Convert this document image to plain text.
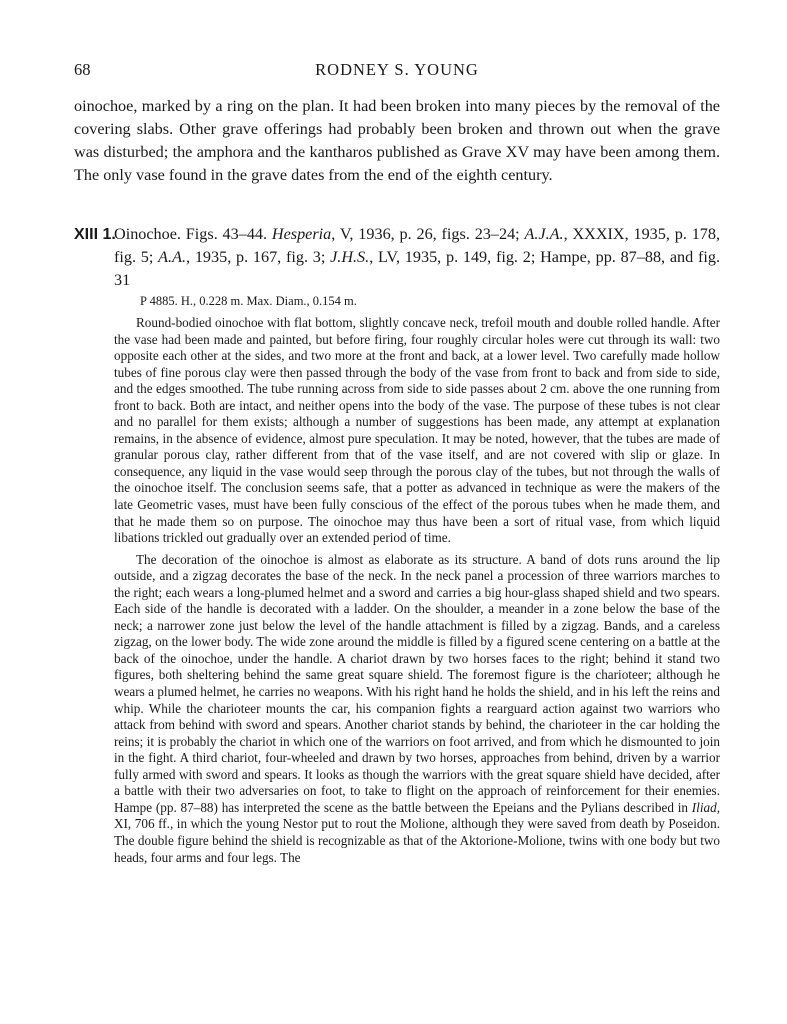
68	RODNEY S. YOUNG

oinochoe, marked by a ring on the plan. It had been broken into many pieces by the removal of the covering slabs. Other grave offerings had probably been broken and thrown out when the grave was disturbed; the amphora and the kantharos published as Grave XV may have been among them. The only vase found in the grave dates from the end of the eighth century.

XIII 1.

Oinochoe. Figs. 43–44. Hesperia, V, 1936, p. 26, figs. 23–24; A.J.A., XXXIX, 1935, p. 178, fig. 5; A.A., 1935, p. 167, fig. 3; J.H.S., LV, 1935, p. 149, fig. 2; Hampe, pp. 87–88, and fig. 31

P 4885. H., 0.228 m. Max. Diam., 0.154 m.

Round-bodied oinochoe with flat bottom, slightly concave neck, trefoil mouth and double rolled handle. After the vase had been made and painted, but before firing, four roughly circular holes were cut through its wall: two opposite each other at the sides, and two more at the front and back, at a lower level. Two carefully made hollow tubes of fine porous clay were then passed through the body of the vase from front to back and from side to side, and the edges smoothed. The tube running across from side to side passes about 2 cm. above the one running from front to back. Both are intact, and neither opens into the body of the vase. The purpose of these tubes is not clear and no parallel for them exists; although a number of suggestions has been made, any attempt at explanation remains, in the absence of evidence, almost pure speculation. It may be noted, however, that the tubes are made of granular porous clay, rather different from that of the vase itself, and are not covered with slip or glaze. In consequence, any liquid in the vase would seep through the porous clay of the tubes, but not through the walls of the oinochoe itself. The conclusion seems safe, that a potter as advanced in technique as were the makers of the late Geometric vases, must have been fully conscious of the effect of the porous tubes when he made them, and that he made them so on purpose. The oinochoe may thus have been a sort of ritual vase, from which liquid libations trickled out gradually over an extended period of time.

The decoration of the oinochoe is almost as elaborate as its structure. A band of dots runs around the lip outside, and a zigzag decorates the base of the neck. In the neck panel a procession of three warriors marches to the right; each wears a long-plumed helmet and a sword and carries a big hour-glass shaped shield and two spears. Each side of the handle is decorated with a ladder. On the shoulder, a meander in a zone below the base of the neck; a narrower zone just below the level of the handle attachment is filled by a zigzag. Bands, and a careless zigzag, on the lower body. The wide zone around the middle is filled by a figured scene centering on a battle at the back of the oinochoe, under the handle. A chariot drawn by two horses faces to the right; behind it stand two figures, both sheltering behind the same great square shield. The foremost figure is the charioteer; although he wears a plumed helmet, he carries no weapons. With his right hand he holds the shield, and in his left the reins and whip. While the charioteer mounts the car, his companion fights a rearguard action against two warriors who attack from behind with sword and spears. Another chariot stands by behind, the charioteer in the car holding the reins; it is probably the chariot in which one of the warriors on foot arrived, and from which he dismounted to join in the fight. A third chariot, four-wheeled and drawn by two horses, approaches from behind, driven by a warrior fully armed with sword and spears. It looks as though the warriors with the great square shield have decided, after a battle with their two adversaries on foot, to take to flight on the approach of reinforcement for their enemies. Hampe (pp. 87–88) has interpreted the scene as the battle between the Epeians and the Pylians described in Iliad, XI, 706 ff., in which the young Nestor put to rout the Molione, although they were saved from death by Poseidon. The double figure behind the shield is recognizable as that of the Aktorione-Molione, twins with one body but two heads, four arms and four legs. The
